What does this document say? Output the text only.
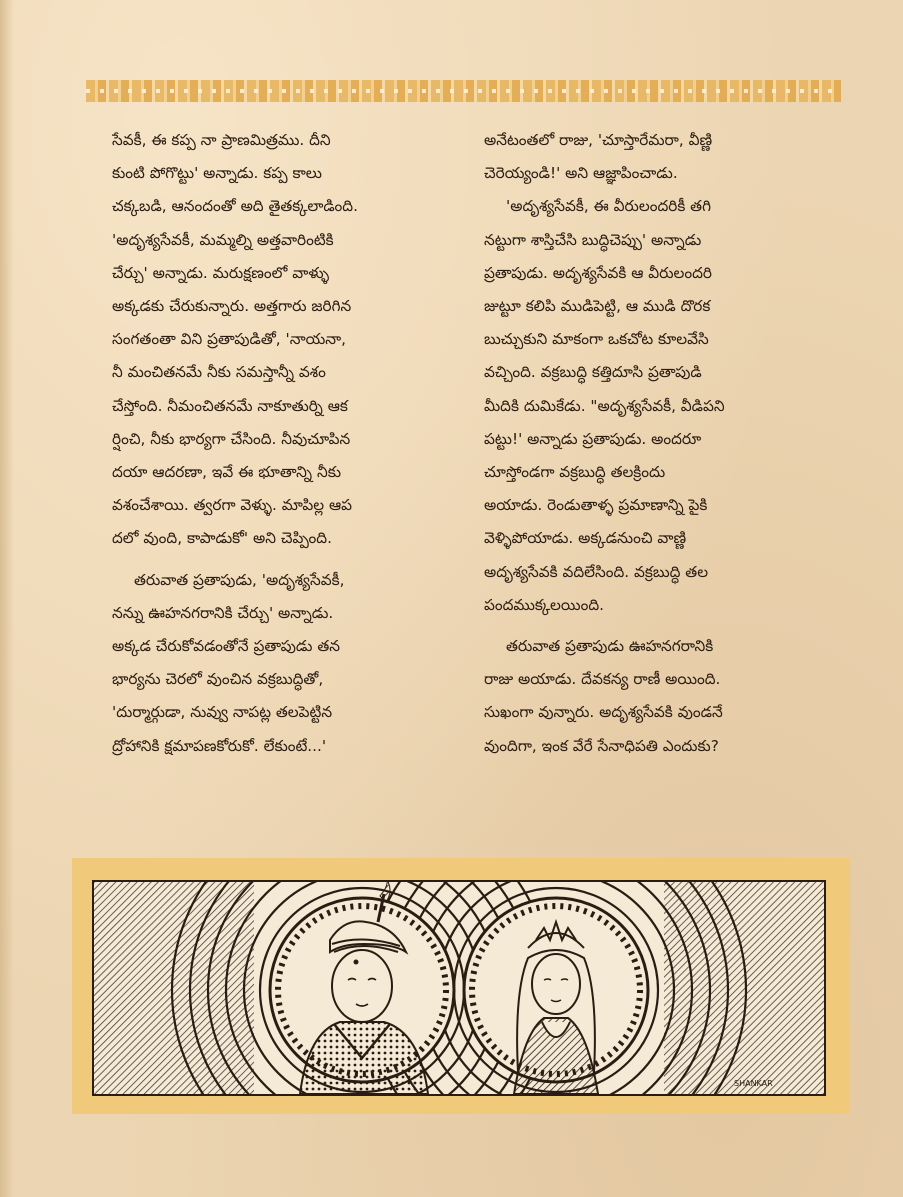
సేవకీ, ఈ కప్ప నా ప్రాణమిత్రము. దీని
కుంటి పోగొట్టు' అన్నాడు. కప్ప కాలు
చక్కబడి, ఆనందంతో అది తైతక్కలాడింది.
'అదృశ్యసేవకీ, మమ్మల్ని అత్తవారింటికి
చేర్చు' అన్నాడు. మరుక్షణంలో వాళ్ళు
అక్కడకు చేరుకున్నారు. అత్తగారు జరిగిన
సంగతంతా విని ప్రతాపుడితో, 'నాయనా,
నీ మంచితనమే నీకు సమస్తాన్నీ వశం
చేస్తోంది. నీమంచితనమే నాకూతుర్ని ఆక
ర్షించి, నీకు భార్యగా చేసింది. నీవుచూపిన
దయా ఆదరణా, ఇవే ఈ భూతాన్ని నీకు
వశంచేశాయి. త్వరగా వెళ్ళు. మాపిల్ల ఆప
దలో వుంది, కాపాడుకో' అని చెప్పింది.

తరువాత ప్రతాపుడు, 'అదృశ్యసేవకీ,
నన్ను ఊహనగరానికి చేర్చు' అన్నాడు.
అక్కడ చేరుకోవడంతోనే ప్రతాపుడు తన
భార్యను చెరలో వుంచిన వక్రబుద్ధితో,
'దుర్మార్గుడా, నువ్వు నాపట్ల తలపెట్టిన
ద్రోహానికి క్షమాపణకోరుకో. లేకుంటే...'

అనేటంతలో రాజు, 'చూస్తారేమరా, వీణ్ణి
చెరెయ్యండి!' అని ఆజ్ఞాపించాడు.

'అదృశ్యసేవకీ, ఈ వీరులందరికీ తగి
నట్టుగా శాస్తిచేసి బుద్ధిచెప్పు' అన్నాడు
ప్రతాపుడు. అదృశ్యసేవకి ఆ వీరులందరి
జుట్టూ కలిపి ముడిపెట్టి, ఆ ముడి దొరక
బుచ్చుకుని మాకంగా ఒకచోట కూలవేసి
వచ్చింది. వక్రబుద్ధి కత్తిదూసి ప్రతాపుడి
మీదికి దుమికేడు. "అదృశ్యసేవకీ, వీడిపని
పట్టు!' అన్నాడు ప్రతాపుడు. అందరూ
చూస్తోండగా వక్రబుద్ధి తలక్రిందు
అయాడు. రెండుతాళ్ళ ప్రమాణాన్ని పైకి
వెళ్ళిపోయాడు. అక్కడనుంచి వాణ్ణి
అదృశ్యసేవకి వదిలేసింది. వక్రబుద్ధి తల
పందముక్కలయింది.

తరువాత ప్రతాపుడు ఊహనగరానికి
రాజు అయాడు. దేవకన్య రాణీ అయింది.
సుఖంగా వున్నారు. అదృశ్యసేవకి వుండనే
వుందిగా, ఇంక వేరే సేనాధిపతి ఎందుకు?

SHANKAR
